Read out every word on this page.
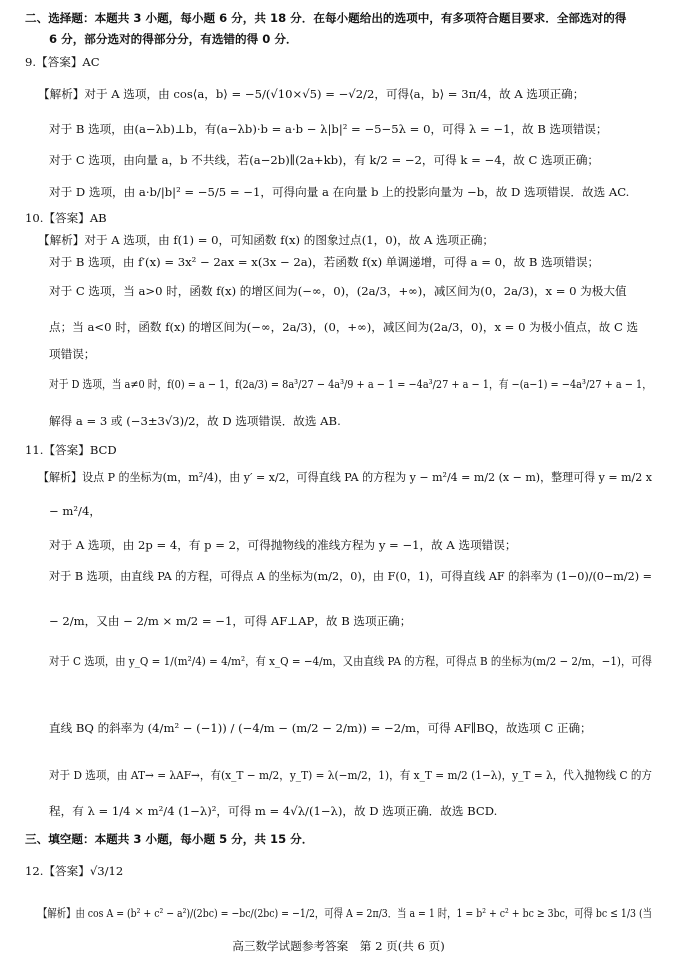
二、选择题：本题共 3 小题，每小题 6 分，共 18 分．在每小题给出的选项中，有多项符合题目要求．全部选对的得
6 分，部分选对的得部分分，有选错的得 0 分．
9.【答案】AC
【解析】对于 A 选项，由 cos⟨a，b⟩ = −5/(√10×√5) = −√2/2，可得⟨a，b⟩ = 3π/4，故 A 选项正确；
对于 B 选项，由(a−λb)⊥b，有(a−λb)·b = a·b − λ|b|² = −5−5λ = 0，可得 λ = −1，故 B 选项错误；
对于 C 选项，由向量 a，b 不共线，若(a−2b)∥(2a+kb)，有 k/2 = −2，可得 k = −4，故 C 选项正确；
对于 D 选项，由 a·b/|b|² = −5/5 = −1，可得向量 a 在向量 b 上的投影向量为 −b，故 D 选项错误．故选 AC.
10.【答案】AB
【解析】对于 A 选项，由 f(1) = 0，可知函数 f(x) 的图象过点(1，0)，故 A 选项正确；
对于 B 选项，由 f′(x) = 3x² − 2ax = x(3x − 2a)，若函数 f(x) 单调递增，可得 a = 0，故 B 选项错误；
对于 C 选项，当 a>0 时，函数 f(x) 的增区间为(−∞，0)，(2a/3，+∞)，减区间为(0，2a/3)，x = 0 为极大值
点；当 a<0 时，函数 f(x) 的增区间为(−∞，2a/3)，(0，+∞)，减区间为(2a/3，0)，x = 0 为极小值点，故 C 选
项错误；
对于 D 选项，当 a≠0 时，f(0) = a − 1，f(2a/3) = 8a³/27 − 4a³/9 + a − 1 = −4a³/27 + a − 1，有 −(a−1) = −4a³/27 + a − 1，
解得 a = 3 或 (−3±3√3)/2，故 D 选项错误．故选 AB.
11.【答案】BCD
【解析】设点 P 的坐标为(m，m²/4)，由 y′ = x/2，可得直线 PA 的方程为 y − m²/4 = m/2 (x − m)，整理可得 y = m/2 x
− m²/4，
对于 A 选项，由 2p = 4，有 p = 2，可得抛物线的准线方程为 y = −1，故 A 选项错误；
对于 B 选项，由直线 PA 的方程，可得点 A 的坐标为(m/2，0)，由 F(0，1)，可得直线 AF 的斜率为 (1−0)/(0−m/2) =
− 2/m，又由 − 2/m × m/2 = −1，可得 AF⊥AP，故 B 选项正确；
对于 C 选项，由 y_Q = 1/(m²/4) = 4/m²，有 x_Q = −4/m，又由直线 PA 的方程，可得点 B 的坐标为(m/2 − 2/m，−1)，可得
直线 BQ 的斜率为 (4/m² − (−1)) / (−4/m − (m/2 − 2/m)) = −2/m，可得 AF∥BQ，故选项 C 正确；
对于 D 选项，由 AT→ = λAF→，有(x_T − m/2，y_T) = λ(−m/2，1)，有 x_T = m/2 (1−λ)，y_T = λ，代入抛物线 C 的方
程，有 λ = 1/4 × m²/4 (1−λ)²，可得 m = 4√λ/(1−λ)，故 D 选项正确．故选 BCD.
三、填空题：本题共 3 小题，每小题 5 分，共 15 分．
12.【答案】√3/12
【解析】由 cos A = (b² + c² − a²)/(2bc) = −bc/(2bc) = −1/2，可得 A = 2π/3．当 a = 1 时，1 = b² + c² + bc ≥ 3bc，可得 bc ≤ 1/3 (当
高三数学试题参考答案　第 2 页(共 6 页)
